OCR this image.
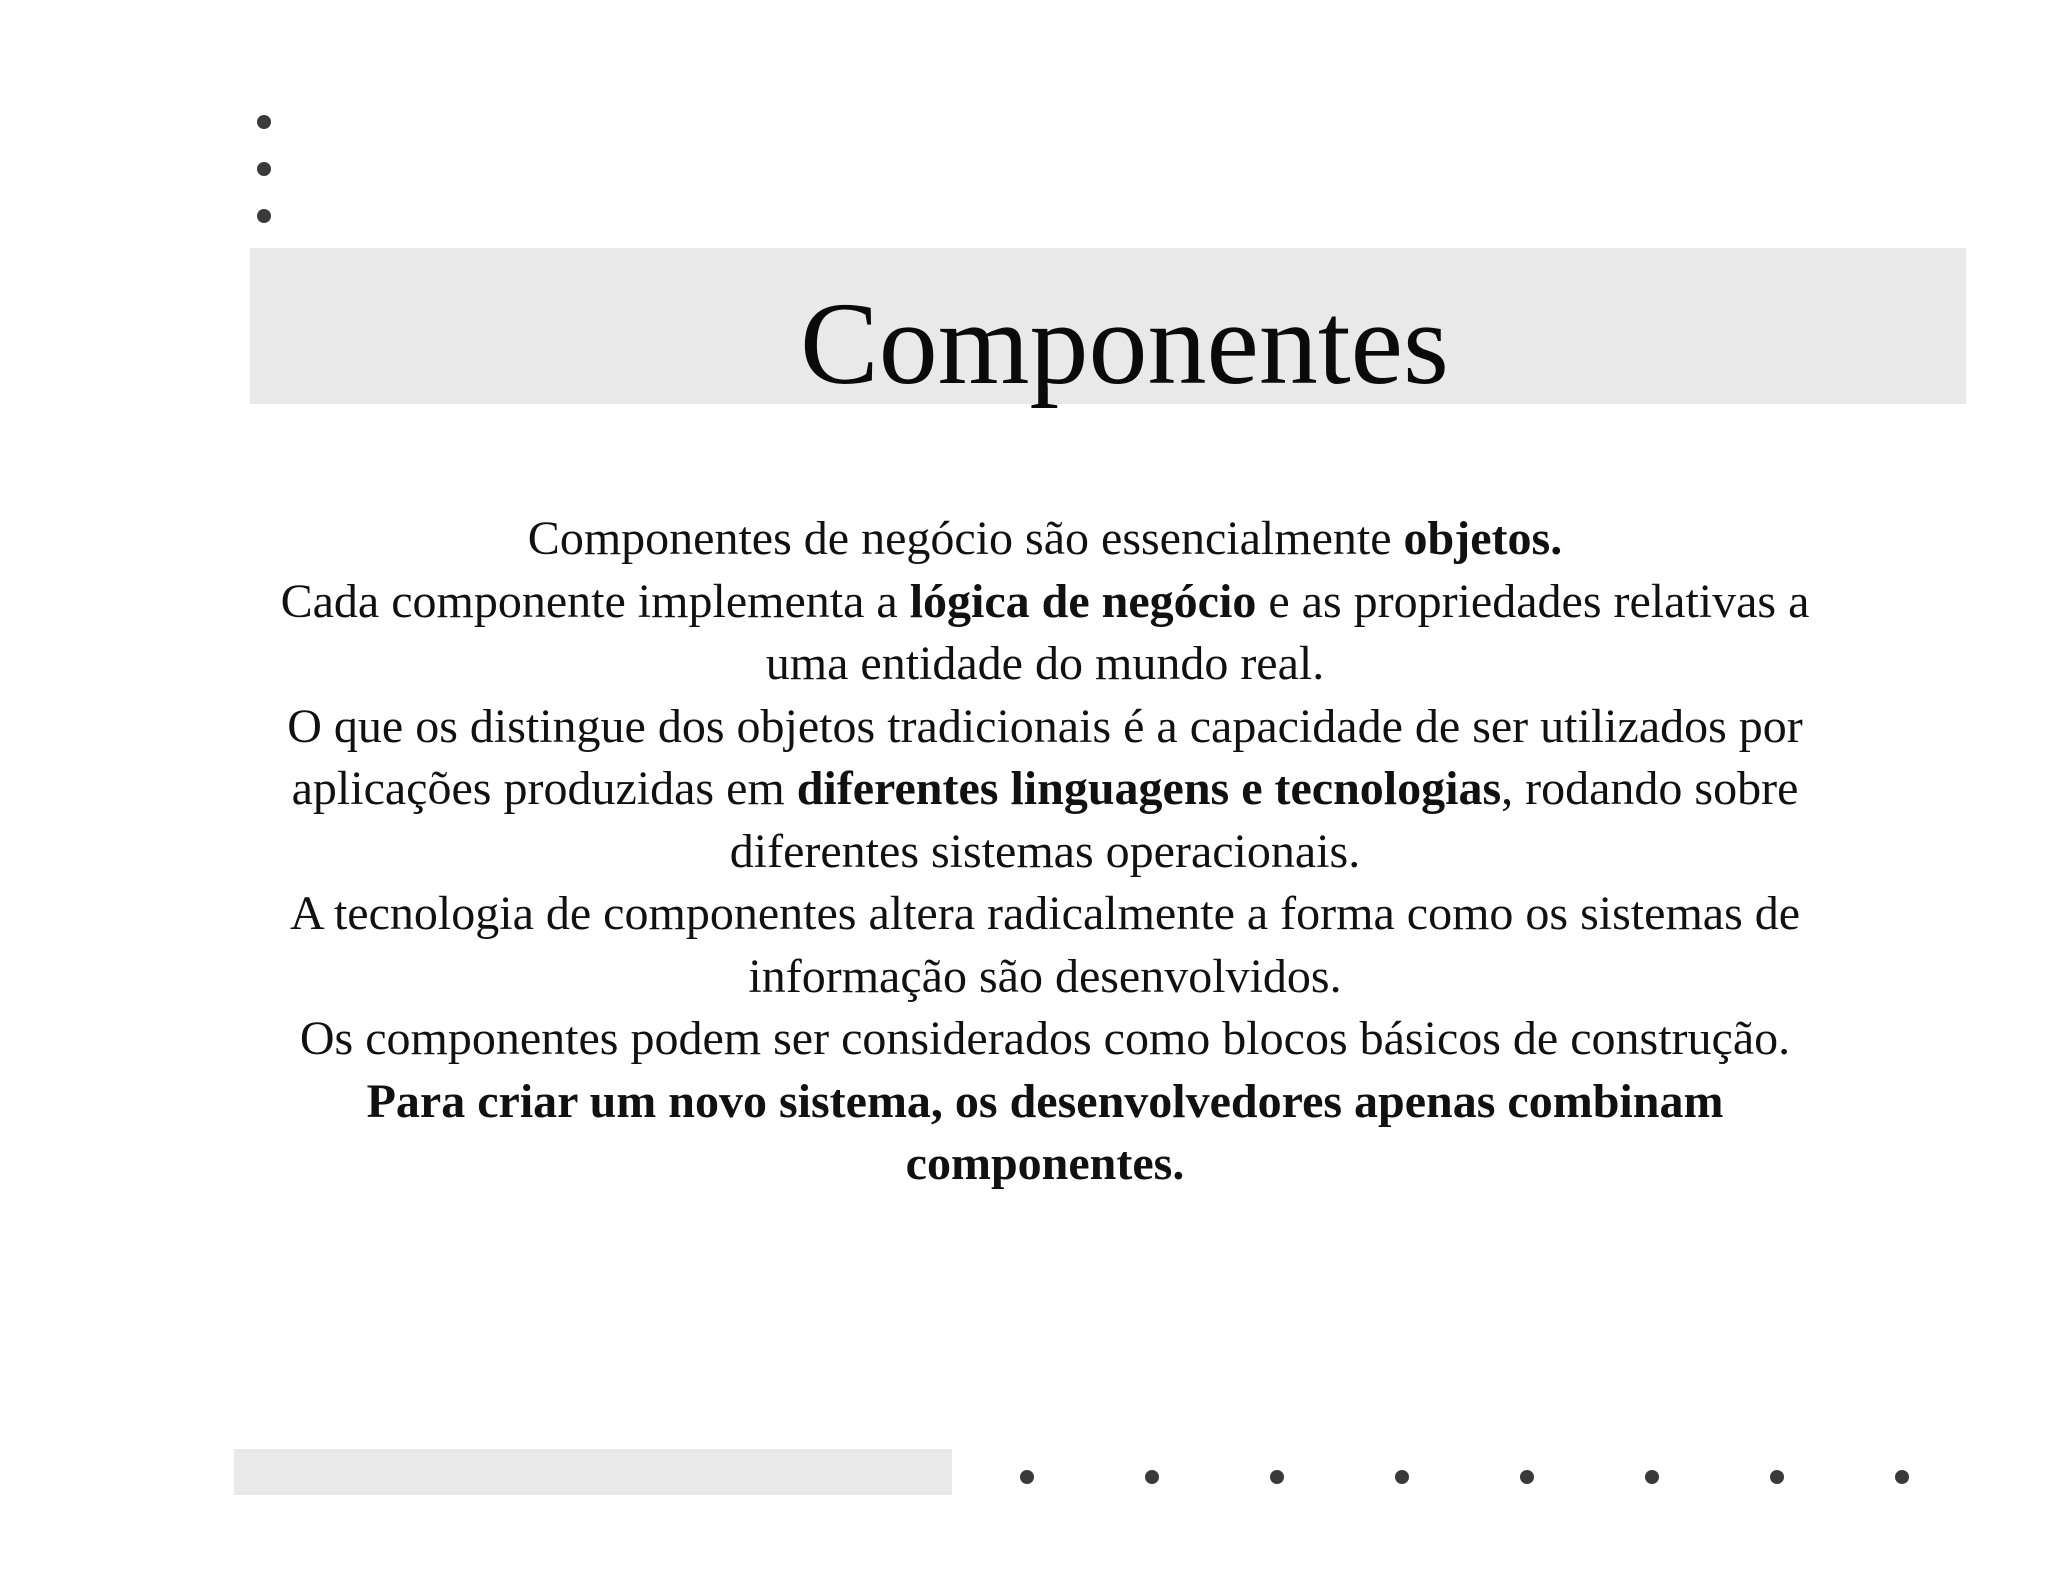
Componentes

Componentes de negócio são essencialmente objetos.

Cada componente implementa a lógica de negócio e as propriedades relativas a uma entidade do mundo real.

O que os distingue dos objetos tradicionais é a capacidade de ser utilizados por aplicações produzidas em diferentes linguagens e tecnologias, rodando sobre diferentes sistemas operacionais.

A tecnologia de componentes altera radicalmente a forma como os sistemas de informação são desenvolvidos.

Os componentes podem ser considerados como blocos básicos de construção.

Para criar um novo sistema, os desenvolvedores apenas combinam componentes.
